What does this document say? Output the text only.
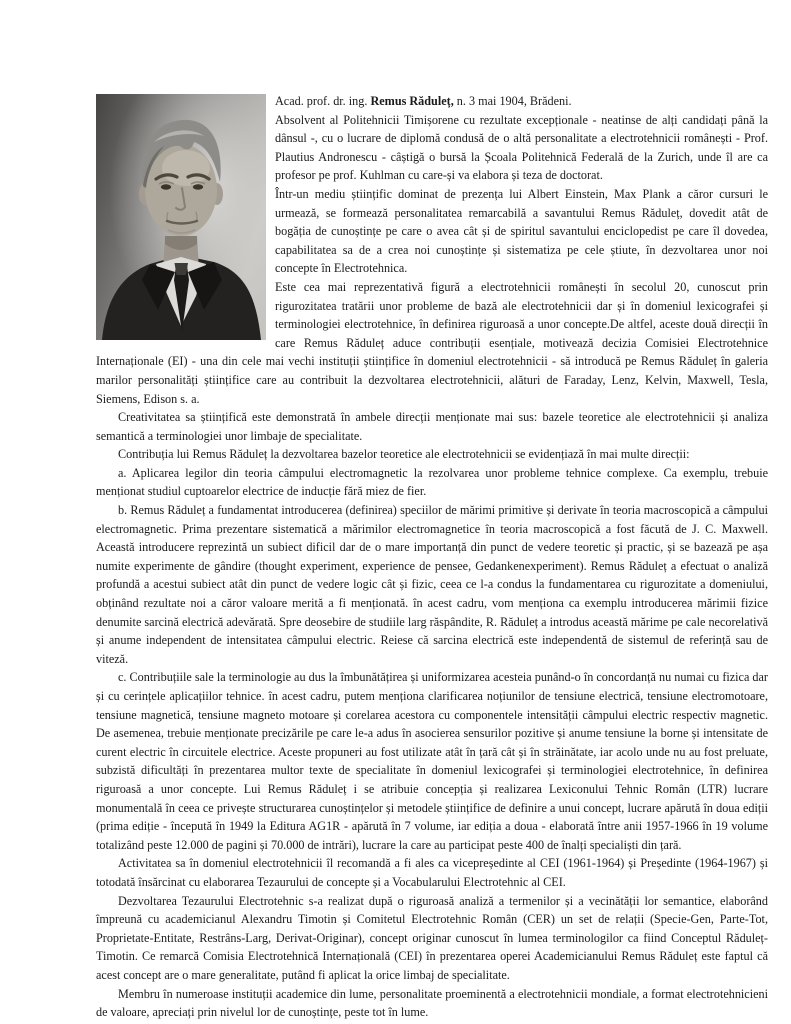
Acad. prof. dr. ing. Remus Răduleț, n. 3 mai 1904, Brădeni.

Absolvent al Politehnicii Timișorene cu rezultate excepționale - neatinse de alți candidați până la dânsul -, cu o lucrare de diplomă condusă de o altă personalitate a electrotehnicii românești - Prof. Plautius Andronescu - câștigă o bursă la Școala Politehnică Federală de la Zurich, unde îl are ca profesor pe prof. Kuhlman cu care-și va elabora și teza de doctorat.

Într-un mediu științific dominat de prezența lui Albert Einstein, Max Plank a căror cursuri le urmează, se formează personalitatea remarcabilă a savantului Remus Răduleț, dovedit atât de bogăția de cunoștințe pe care o avea cât și de spiritul savantului enciclopedist pe care îl dovedea, capabilitatea sa de a crea noi cunoștințe și sistematiza pe cele știute, în dezvoltarea unor noi concepte în Electrotehnica.

Este cea mai reprezentativă figură a electrotehnicii românești în secolul 20, cunoscut prin rigurozitatea tratării unor probleme de bază ale electrotehnicii dar și în domeniul lexicografei și terminologiei electrotehnice, în definirea riguroasă a unor concepte.De altfel, aceste două direcții în care Remus Răduleț aduce contribuții esențiale, motivează decizia Comisiei Electrotehnice Internaționale (EI) - una din cele mai vechi instituții științifice în domeniul electrotehnicii - să introducă pe Remus Răduleț în galeria marilor personalități științifice care au contribuit la dezvoltarea electrotehnicii, alături de Faraday, Lenz, Kelvin, Maxwell, Tesla, Siemens, Edison s. a.

Creativitatea sa științifică este demonstrată în ambele direcții menționate mai sus: bazele teoretice ale electrotehnicii și analiza semantică a terminologiei unor limbaje de specialitate.

Contribuția lui Remus Răduleț la dezvoltarea bazelor teoretice ale electrotehnicii se evidențiază în mai multe direcții:

a. Aplicarea legilor din teoria câmpului electromagnetic la rezolvarea unor probleme tehnice complexe. Ca exemplu, trebuie menționat studiul cuptoarelor electrice de inducție fără miez de fier.

b. Remus Răduleț a fundamentat introducerea (definirea) speciilor de mărimi primitive și derivate în teoria macroscopică a câmpului electromagnetic. Prima prezentare sistematică a mărimilor electromagnetice în teoria macroscopică a fost făcută de J. C. Maxwell. Această introducere reprezintă un subiect dificil dar de o mare importanță din punct de vedere teoretic și practic, și se bazează pe așa numite experimente de gândire (thought experiment, experience de pensee, Gedankenexperiment). Remus Răduleț a efectuat o analiză profundă a acestui subiect atât din punct de vedere logic cât și fizic, ceea ce l-a condus la fundamentarea cu rigurozitate a domeniului, obținând rezultate noi a căror valoare merită a fi menționată. în acest cadru, vom menționa ca exemplu introducerea mărimii fizice denumite sarcină electrică adevărată. Spre deosebire de studiile larg răspândite, R. Răduleț a introdus această mărime pe cale necorelativă și anume independent de intensitatea câmpului electric. Reiese că sarcina electrică este independentă de sistemul de referință sau de viteză.

c. Contribuțiile sale la terminologie au dus la îmbunătățirea și uniformizarea acesteia punând-o în concordanță nu numai cu fizica dar și cu cerințele aplicațiilor tehnice. în acest cadru, putem menționa clarificarea noțiunilor de tensiune electrică, tensiune electromotoare, tensiune magnetică, tensiune magneto motoare și corelarea acestora cu componentele intensității câmpului electric respectiv magnetic. De asemenea, trebuie menționate precizările pe care le-a adus în asocierea sensurilor pozitive și anume tensiune la borne și intensitate de curent electric în circuitele electrice. Aceste propuneri au fost utilizate atât în țară cât și în străinătate, iar acolo unde nu au fost preluate, subzistă dificultăți în prezentarea multor texte de specialitate în domeniul lexicografei și terminologiei electrotehnice, în definirea riguroasă a unor concepte. Lui Remus Răduleț i se atribuie concepția și realizarea Lexiconului Tehnic Român (LTR) lucrare monumentală în ceea ce privește structurarea cunoștințelor și metodele științifice de definire a unui concept, lucrare apărută în doua ediții (prima ediție - începută în 1949 la Editura AG1R - apărută în 7 volume, iar ediția a doua - elaborată între anii 1957-1966 în 19 volume totalizând peste 12.000 de pagini și 70.000 de intrări), lucrare la care au participat peste 400 de înalți specialiști din țară.

Activitatea sa în domeniul electrotehnicii îl recomandă a fi ales ca vicepreședinte al CEI (1961-1964) și Președinte (1964-1967) și totodată însărcinat cu elaborarea Tezaurului de concepte și a Vocabularului Electrotehnic al CEI.

Dezvoltarea Tezaurului Electrotehnic s-a realizat după o riguroasă analiză a termenilor și a vecinătății lor semantice, elaborând împreună cu academicianul Alexandru Timotin și Comitetul Electrotehnic Român (CER) un set de relații (Specie-Gen, Parte-Tot, Proprietate-Entitate, Restrâns-Larg, Derivat-Originar), concept originar cunoscut în lumea terminologilor ca fiind Conceptul Răduleț- Timotin. Ce remarcă Comisia Electrotehnică Internațională (CEI) în prezentarea operei Academicianului Remus Răduleț este faptul că acest concept are o mare generalitate, putând fi aplicat la orice limbaj de specialitate.

Membru în numeroase instituții academice din lume, personalitate proeminentă a electrotehnicii mondiale, a format electrotehnicieni de valoare, apreciați prin nivelul lor de cunoștințe, peste tot în lume.
